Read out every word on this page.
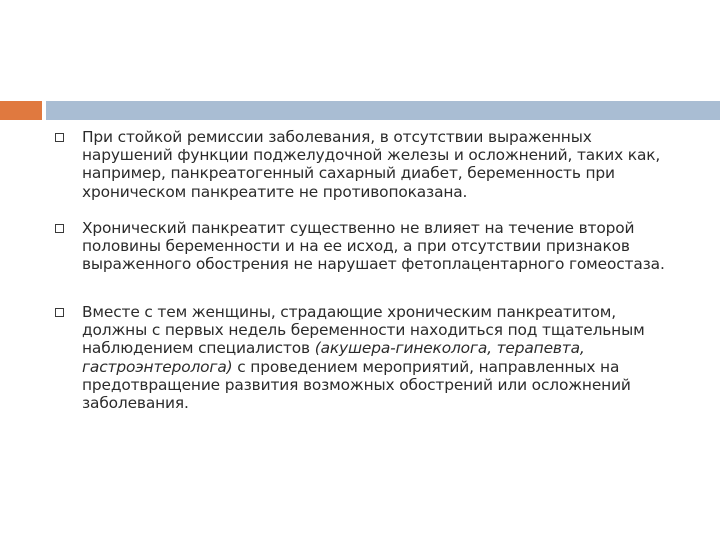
При стойкой ремиссии заболевания, в отсутствии выраженных нарушений функции поджелудочной железы и осложнений, таких как, например, панкреатогенный сахарный диабет, беременность при хроническом панкреатите не противопоказана.
Хронический панкреатит существенно не влияет на течение второй половины беременности и на ее исход, а при отсутствии признаков выраженного обострения не нарушает фетоплацентарного гомеостаза.
Вместе с тем женщины, страдающие хроническим панкреатитом, должны с первых недель беременности находиться под тщательным наблюдением специалистов (акушера-гинеколога, терапевта, гастроэнтеролога) с проведением мероприятий, направленных на предотвращение развития возможных обострений или осложнений заболевания.
